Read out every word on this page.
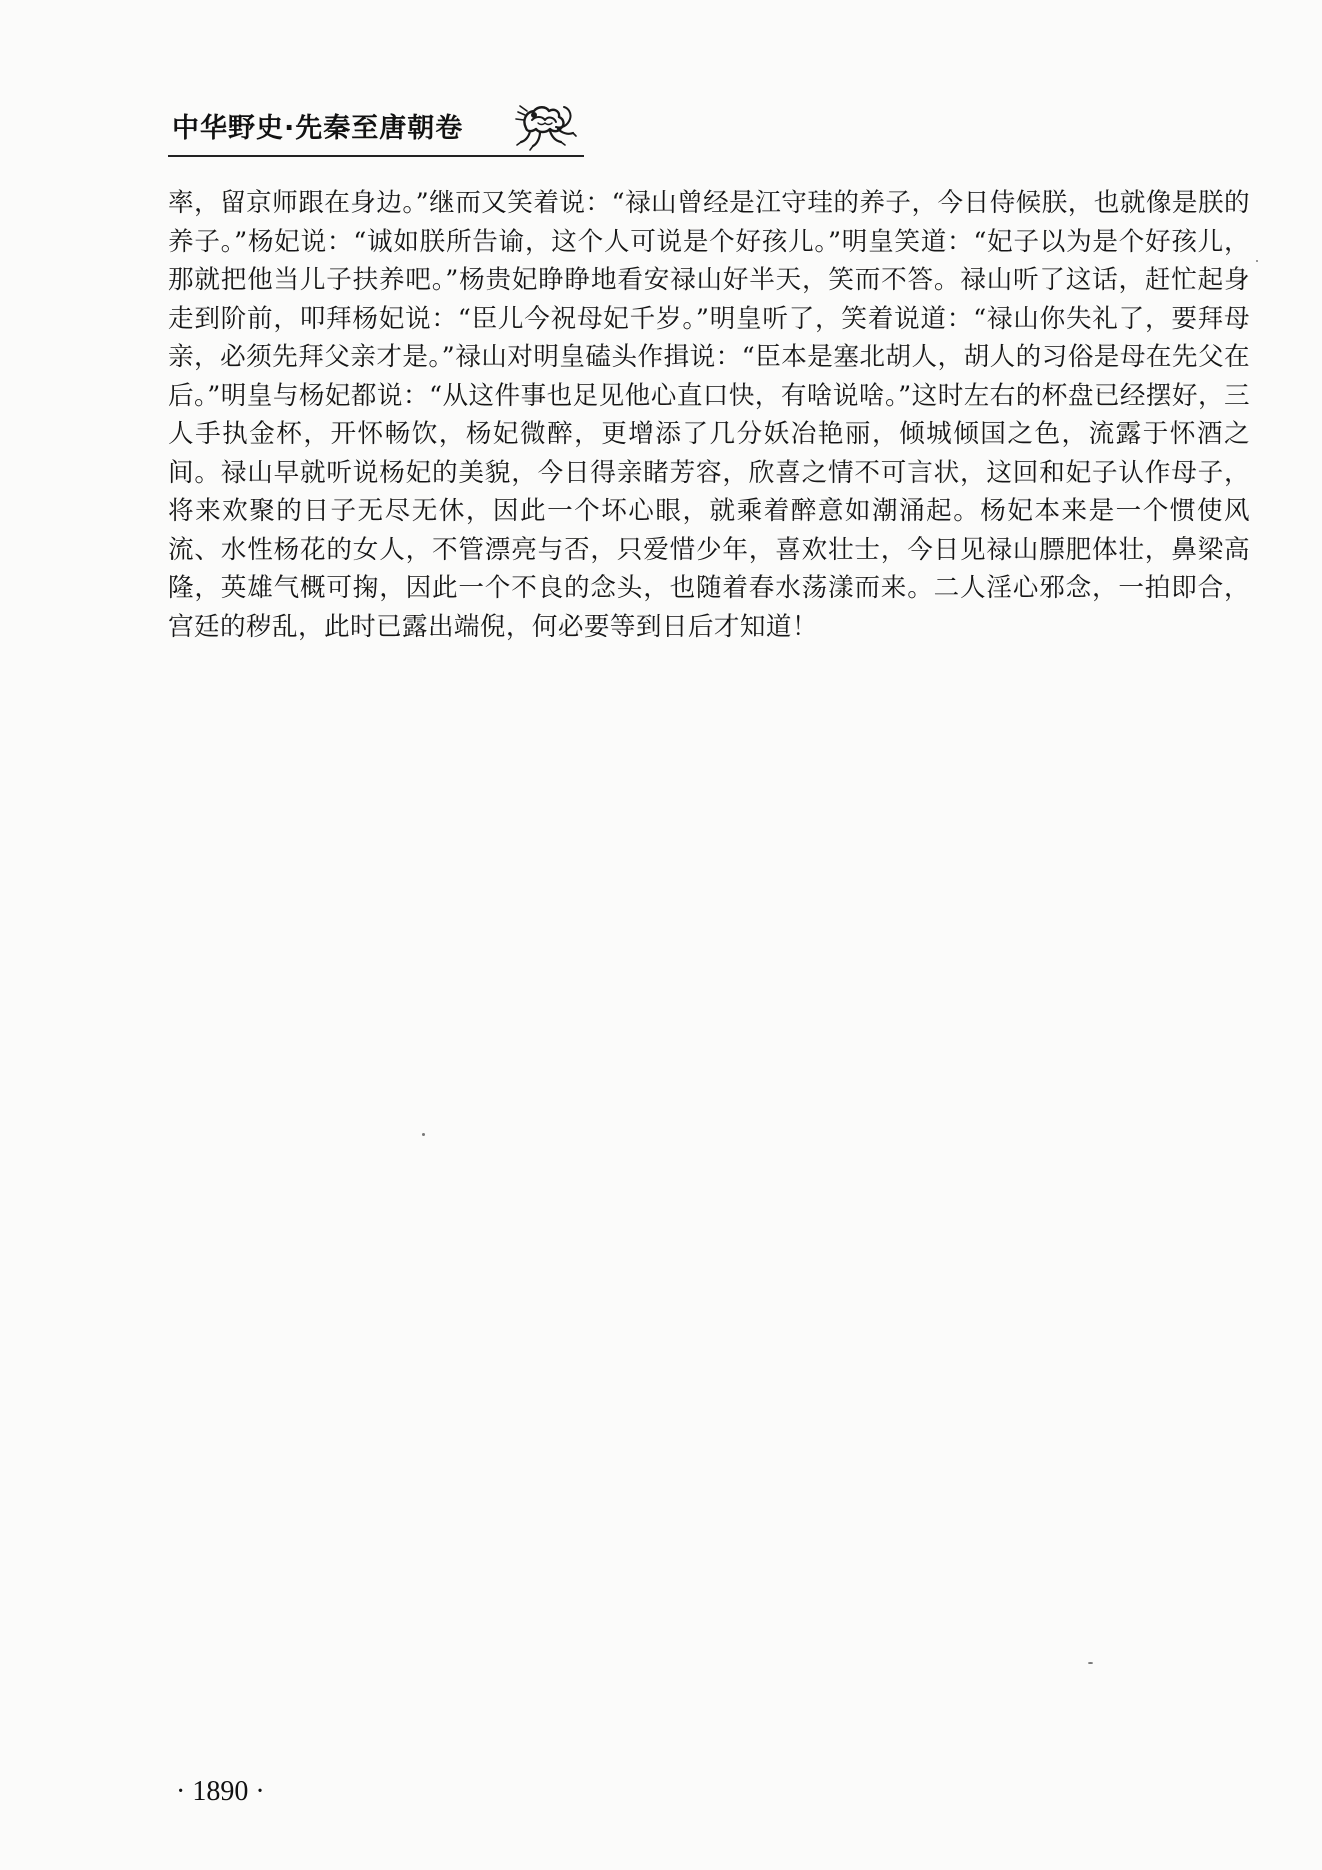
中华野史·先秦至唐朝卷

率，留京师跟在身边。”继而又笑着说：“禄山曾经是江守珪的养子，今日侍候朕，也就像是朕的养子。”杨妃说：“诚如朕所告谕，这个人可说是个好孩儿。”明皇笑道：“妃子以为是个好孩儿，那就把他当儿子扶养吧。”杨贵妃睁睁地看安禄山好半天，笑而不答。禄山听了这话，赶忙起身走到阶前，叩拜杨妃说：“臣儿今祝母妃千岁。”明皇听了，笑着说道：“禄山你失礼了，要拜母亲，必须先拜父亲才是。”禄山对明皇磕头作揖说：“臣本是塞北胡人，胡人的习俗是母在先父在后。”明皇与杨妃都说：“从这件事也足见他心直口快，有啥说啥。”这时左右的杯盘已经摆好，三人手执金杯，开怀畅饮，杨妃微醉，更增添了几分妖冶艳丽，倾城倾国之色，流露于怀酒之间。禄山早就听说杨妃的美貌，今日得亲睹芳容，欣喜之情不可言状，这回和妃子认作母子，将来欢聚的日子无尽无休，因此一个坏心眼，就乘着醉意如潮涌起。杨妃本来是一个惯使风流、水性杨花的女人，不管漂亮与否，只爱惜少年，喜欢壮士，今日见禄山膘肥体壮，鼻梁高隆，英雄气概可掬，因此一个不良的念头，也随着春水荡漾而来。二人淫心邪念，一拍即合，宫廷的秽乱，此时已露出端倪，何必要等到日后才知道！

· 1890 ·
